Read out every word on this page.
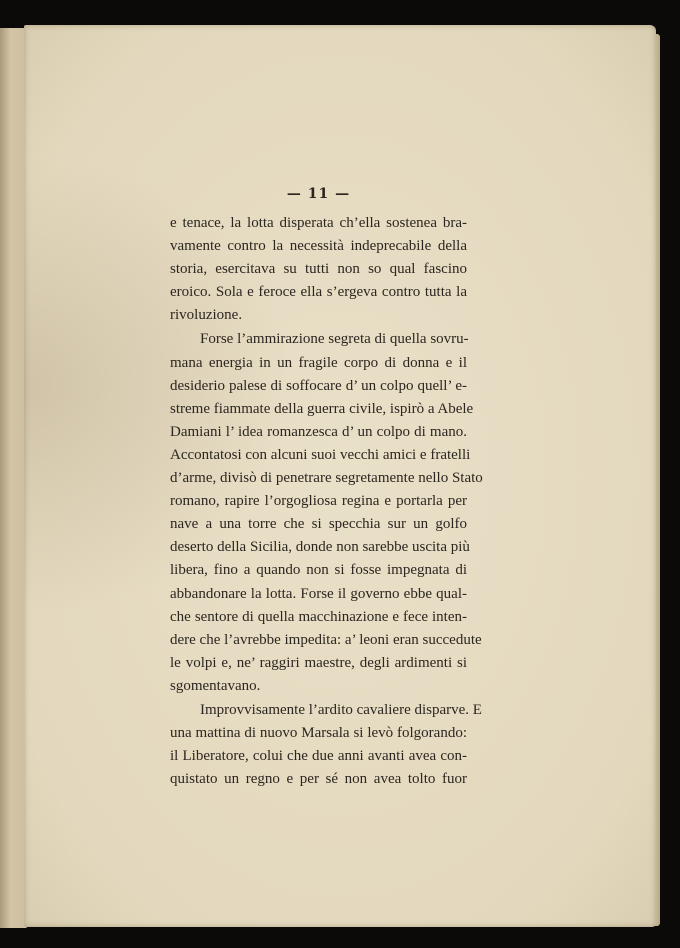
— 11 —
e tenace, la lotta disperata ch’ella sostenea bra-
vamente contro la necessità indeprecabile della
storia, esercitava su tutti non so qual fascino
eroico. Sola e feroce ella s’ergeva contro tutta la
rivoluzione.
Forse l’ammirazione segreta di quella sovru-
mana energia in un fragile corpo di donna e il
desiderio palese di soffocare d’ un colpo quell’ e-
streme fiammate della guerra civile, ispirò a Abele
Damiani l’ idea romanzesca d’ un colpo di mano.
Accontatosi con alcuni suoi vecchi amici e fratelli
d’arme, divisò di penetrare segretamente nello Stato
romano, rapire l’orgogliosa regina e portarla per
nave a una torre che si specchia sur un golfo
deserto della Sicilia, donde non sarebbe uscita più
libera, fino a quando non si fosse impegnata di
abbandonare la lotta. Forse il governo ebbe qual-
che sentore di quella macchinazione e fece inten-
dere che l’avrebbe impedita: a’ leoni eran succedute
le volpi e, ne’ raggiri maestre, degli ardimenti si
sgomentavano.
Improvvisamente l’ardito cavaliere disparve. E
una mattina di nuovo Marsala si levò folgorando:
il Liberatore, colui che due anni avanti avea con-
quistato un regno e per sé non avea tolto fuor
